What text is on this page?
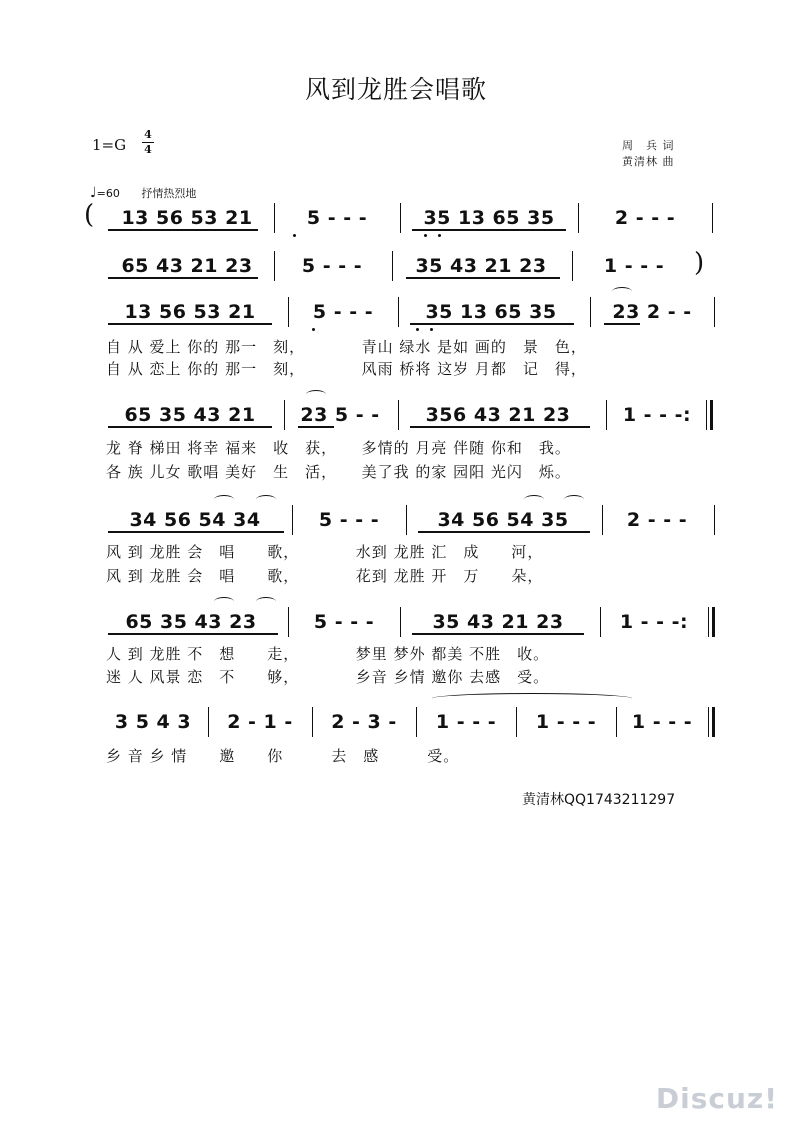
风到龙胜会唱歌
1=G
4
4	周　兵 词
黄清林 曲
♩=60 抒情热烈地
(	13 56 53 21	5 - - -	35 13 65 35	2 - - -
65 43 21 23	5 - - -	35 43 21 23	1 - - -	)
13 56 53 21	5 - - -	35 13 65 35	23 2 - -
自 从 爱上 你的 那一　刻，　　　　青山 绿水 是如 画的　景　色，
自 从 恋上 你的 那一　刻，　　　　风雨 桥将 这岁 月都　记　得，
65 35 43 21	23 5 - -	356 43 21 23	1 - - -:
龙 脊 梯田 将幸 福来　收　获，　　多情的 月亮 伴随 你和　我。
各 族 儿女 歌唱 美好　生　活，　　美了我 的家 园阳 光闪　烁。
34 56 54 34	5 - - -	34 56 54 35	2 - - -
风 到 龙胜 会　唱　　歌，　　　　水到 龙胜 汇　成　　河，
风 到 龙胜 会　唱　　歌，　　　　花到 龙胜 开　万　　朵，
65 35 43 23	5 - - -	35 43 21 23	1 - - -:
人 到 龙胜 不　想　　走，　　　　梦里 梦外 都美 不胜　收。
迷 人 风景 恋　不　　够，　　　　乡音 乡情 邀你 去感　受。
3 5 4 3	2 - 1 -	2 - 3 -	1 - - -	1 - - -	1 - - -
乡 音 乡 情　　邀　　你　　　去　感　　　受。
黄清林QQ1743211297
Discuz!
